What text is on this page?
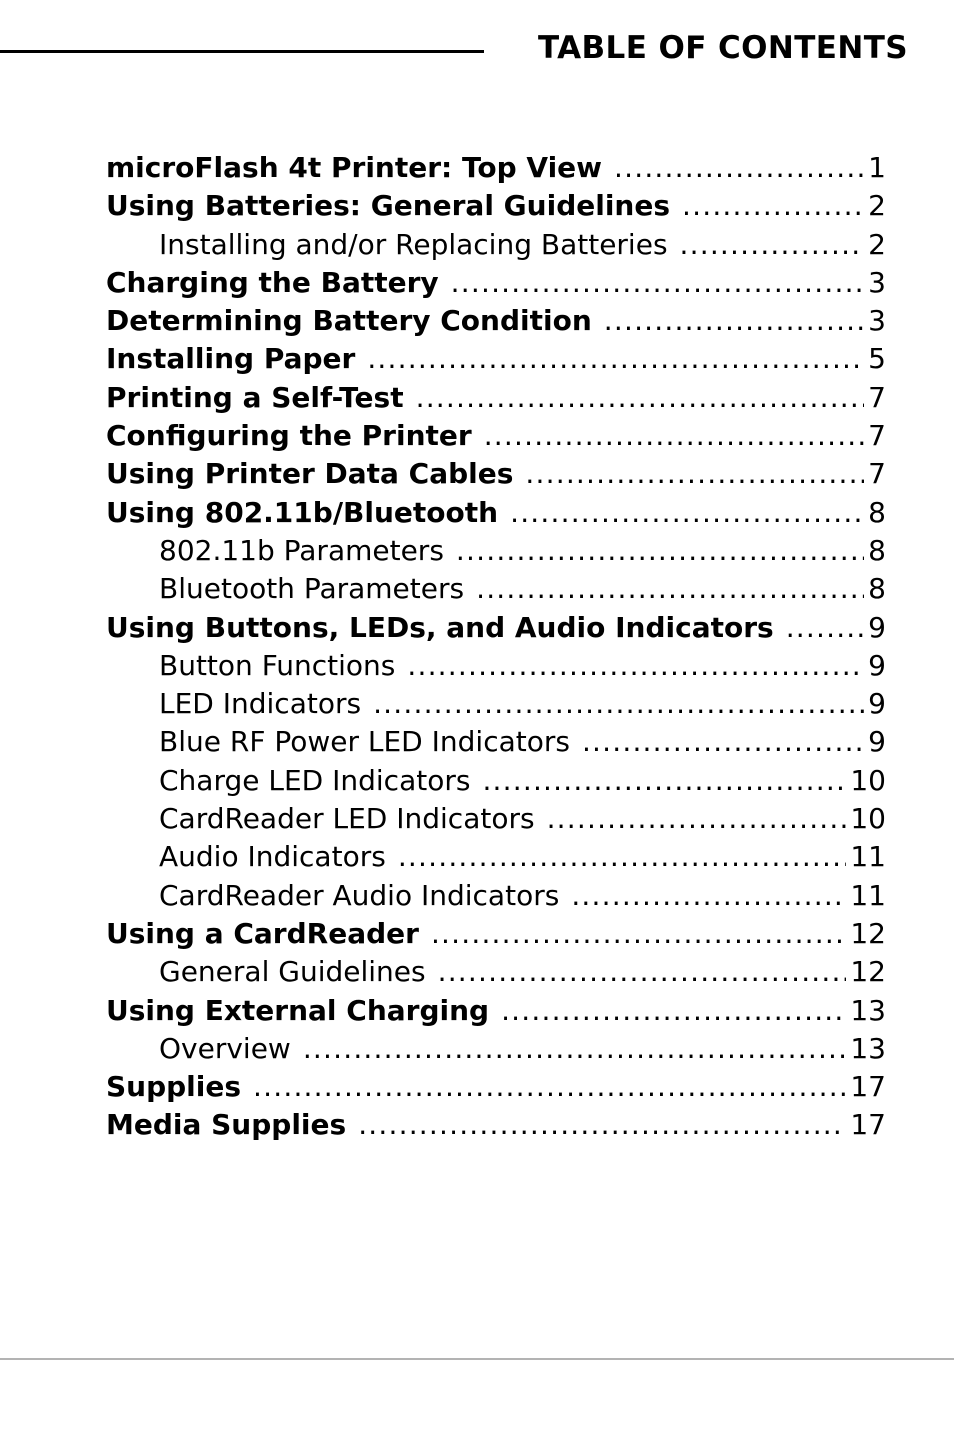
TABLE OF CONTENTS
microFlash 4t Printer: Top View .....	1
Using Batteries: General Guidelines .....	2
Installing and/or Replacing Batteries .....	2
Charging the Battery .....	3
Determining Battery Condition .....	3
Installing Paper .....	5
Printing a Self-Test .....	7
Configuring the Printer .....	7
Using Printer Data Cables .....	7
Using 802.11b/Bluetooth .....	8
802.11b Parameters .....	8
Bluetooth Parameters .....	8
Using Buttons, LEDs, and Audio Indicators .....	9
Button Functions .....	9
LED Indicators .....	9
Blue RF Power LED Indicators .....	9
Charge LED Indicators .....	10
CardReader LED Indicators .....	10
Audio Indicators .....	11
CardReader Audio Indicators .....	11
Using a CardReader .....	12
General Guidelines .....	12
Using External Charging .....	13
Overview .....	13
Supplies .....	17
Media Supplies .....	17
